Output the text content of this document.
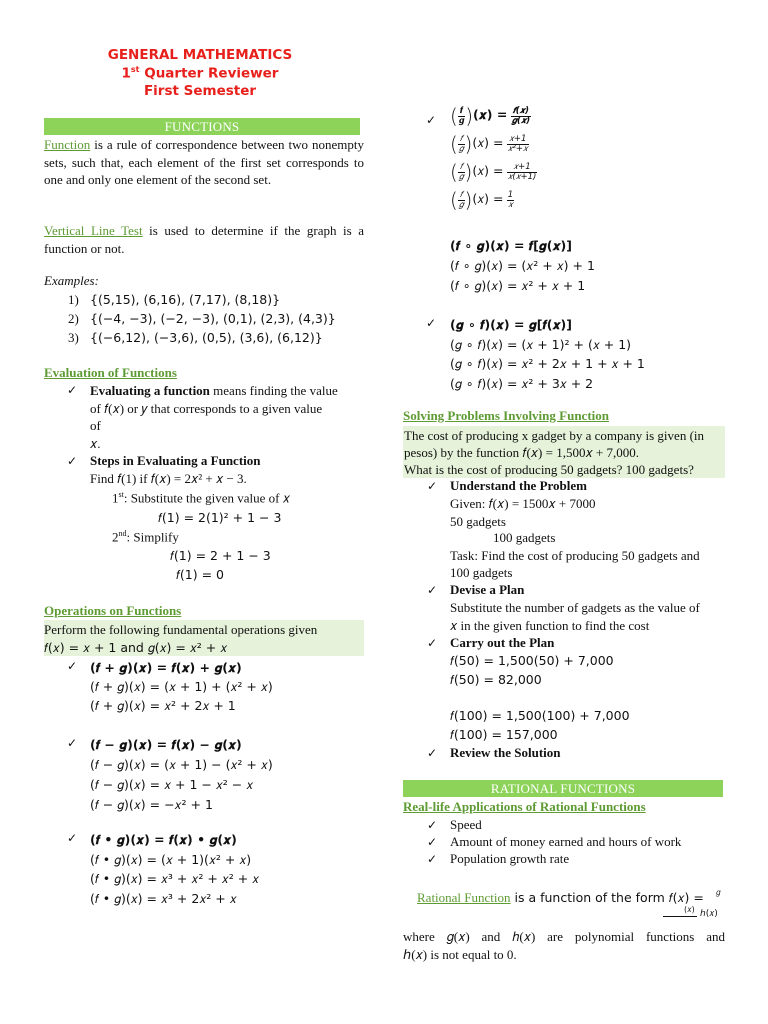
GENERAL MATHEMATICS
1st Quarter Reviewer
First Semester
FUNCTIONS
Function is a rule of correspondence between two nonempty sets, such that, each element of the first set corresponds to one and only one element of the second set.
Vertical Line Test is used to determine if the graph is a function or not.
Examples:
1) {(5,15), (6,16), (7,17), (8,18)}
2) {(−4, −3), (−2, −3), (0,1), (2,3), (4,3)}
3) {(−6,12), (−3,6), (0,5), (3,6), (6,12)}
Evaluation of Functions
✓ Evaluating a function means finding the value
of 𝑓(𝑥) or 𝑦 that corresponds to a given value
of
𝑥.
✓ Steps in Evaluating a Function
Find 𝑓(1) if 𝑓(𝑥) = 2𝑥² + 𝑥 − 3.
1st: Substitute the given value of 𝑥
𝑓(1) = 2(1)² + 1 − 3
2nd: Simplify
𝑓(1) = 2 + 1 − 3
𝑓(1) = 0
Operations on Functions
Perform the following fundamental operations given
𝑓(𝑥) = 𝑥 + 1 and 𝑔(𝑥) = 𝑥² + 𝑥
✓ (𝒇 + 𝒈)(𝒙) = 𝒇(𝒙) + 𝒈(𝒙)
(𝑓 + 𝑔)(𝑥) = (𝑥 + 1) + (𝑥² + 𝑥)
(𝑓 + 𝑔)(𝑥) = 𝑥² + 2𝑥 + 1
✓ (𝒇 − 𝒈)(𝒙) = 𝒇(𝒙) − 𝒈(𝒙)
(𝑓 − 𝑔)(𝑥) = (𝑥 + 1) − (𝑥² + 𝑥)
(𝑓 − 𝑔)(𝑥) = 𝑥 + 1 − 𝑥² − 𝑥
(𝑓 − 𝑔)(𝑥) = −𝑥² + 1
✓ (𝒇 • 𝒈)(𝒙) = 𝒇(𝒙) • 𝒈(𝒙)
(𝑓 • 𝑔)(𝑥) = (𝑥 + 1)(𝑥² + 𝑥)
(𝑓 • 𝑔)(𝑥) = 𝑥³ + 𝑥² + 𝑥² + 𝑥
(𝑓 • 𝑔)(𝑥) = 𝑥³ + 2𝑥² + 𝑥
✓ ( $\frac{\text{𝒇}}{\text{𝒈}}$ )(𝒙) = $\frac{\text{𝒇(𝒙)}}{\text{𝒈(𝒙)}}$
( $\frac{\text{𝑓}}{\text{𝑔}}$ )(𝑥) = $\frac{\text{𝑥+1}}{\text{𝑥²+𝑥}}$
( $\frac{\text{𝑓}}{\text{𝑔}}$ )(𝑥) = $\frac{\text{𝑥+1}}{\text{𝑥(𝑥+1)}}$
( $\frac{\text{𝑓}}{\text{𝑔}}$ )(𝑥) = $\frac{1}{\text{𝑥}}$
(𝒇 ∘ 𝒈)(𝒙) = 𝒇[𝒈(𝒙)]
(𝑓 ∘ 𝑔)(𝑥) = (𝑥² + 𝑥) + 1
(𝑓 ∘ 𝑔)(𝑥) = 𝑥² + 𝑥 + 1
✓ (𝒈 ∘ 𝒇)(𝒙) = 𝒈[𝒇(𝒙)]
(𝑔 ∘ 𝑓)(𝑥) = (𝑥 + 1)² + (𝑥 + 1)
(𝑔 ∘ 𝑓)(𝑥) = 𝑥² + 2𝑥 + 1 + 𝑥 + 1
(𝑔 ∘ 𝑓)(𝑥) = 𝑥² + 3𝑥 + 2
Solving Problems Involving Function
The cost of producing x gadget by a company is given (in
pesos) by the function 𝑓(𝑥) = 1,500𝑥 + 7,000.
What is the cost of producing 50 gadgets? 100 gadgets?
✓ Understand the Problem
Given: 𝑓(𝑥) = 1500𝑥 + 7000
50 gadgets
100 gadgets
Task: Find the cost of producing 50 gadgets and
100 gadgets
✓ Devise a Plan
Substitute the number of gadgets as the value of
𝑥 in the given function to find the cost
✓ Carry out the Plan
𝑓(50) = 1,500(50) + 7,000
𝑓(50) = 82,000
𝑓(100) = 1,500(100) + 7,000
𝑓(100) = 157,000
✓ Review the Solution
RATIONAL FUNCTIONS
Real-life Applications of Rational Functions
✓ Speed
✓ Amount of money earned and hours of work
✓ Population growth rate
Rational Function is a function of the form 𝑓(𝑥) = 𝑔
(𝑥) ℎ(𝑥)
where 𝑔(𝑥) and ℎ(𝑥) are polynomial functions and
ℎ(𝑥) is not equal to 0.
